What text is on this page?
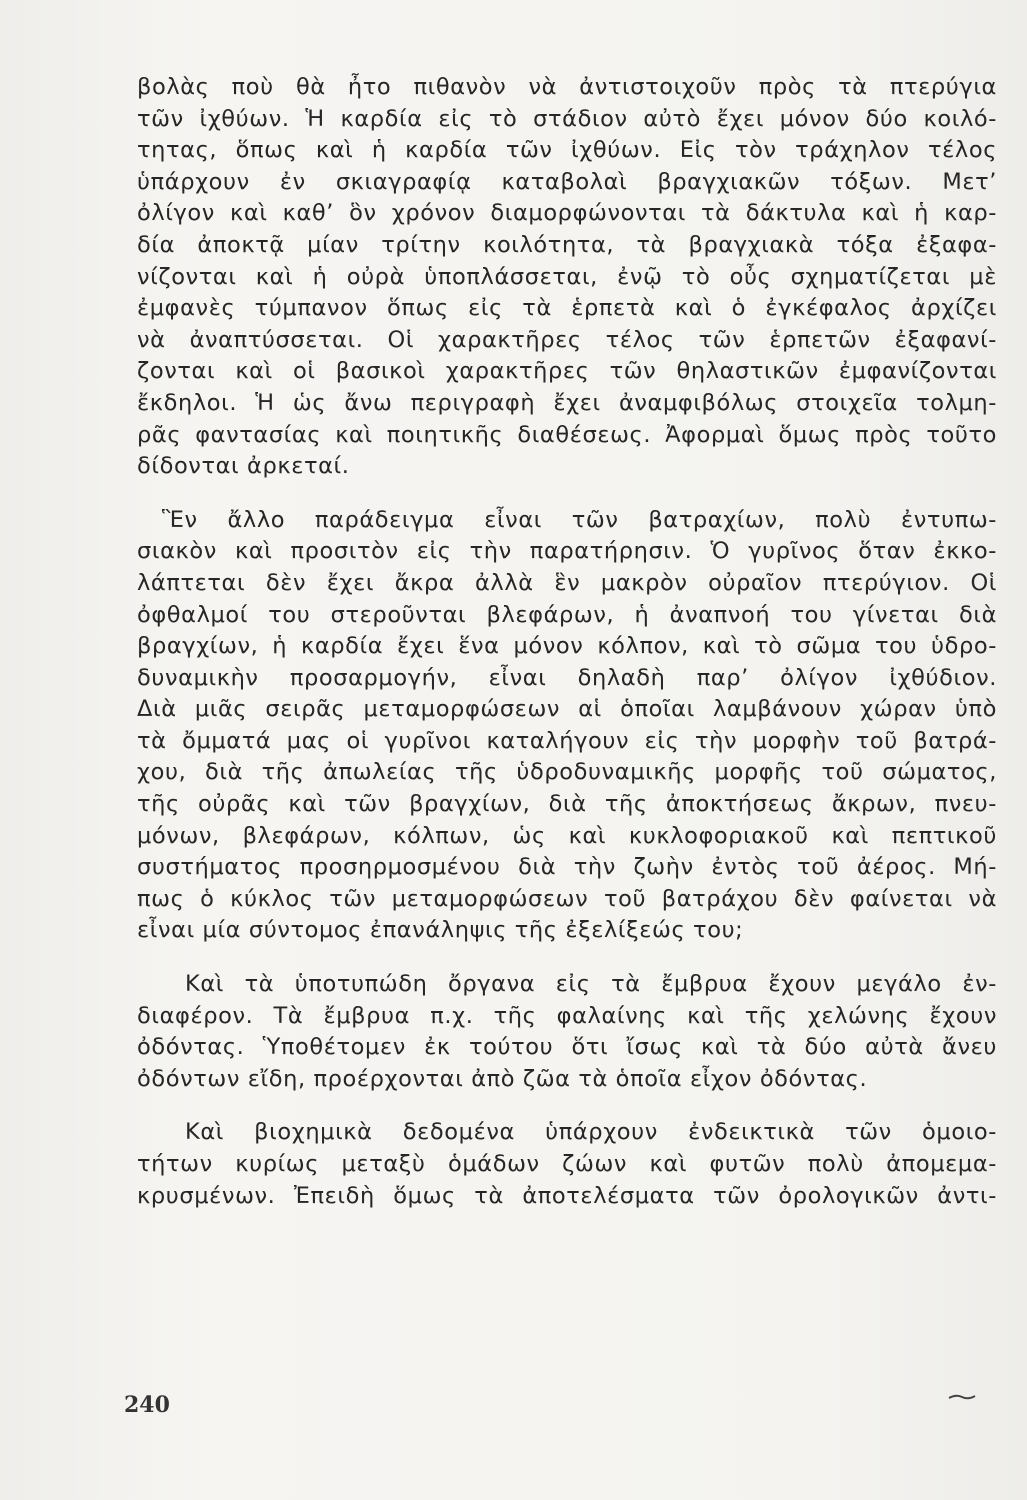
βολὰς ποὺ θὰ ἦτο πιθανὸν νὰ ἀντιστοιχοῦν πρὸς τὰ πτερύγια
τῶν ἰχθύων. Ἡ καρδία εἰς τὸ στάδιον αὐτὸ ἔχει μόνον δύο κοιλό-
τητας, ὅπως καὶ ἡ καρδία τῶν ἰχθύων. Εἰς τὸν τράχηλον τέλος
ὑπάρχουν ἐν σκιαγραφίᾳ καταβολαὶ βραγχιακῶν τόξων. Μετ’
ὀλίγον καὶ καθ’ ὃν χρόνον διαμορφώνονται τὰ δάκτυλα καὶ ἡ καρ-
δία ἀποκτᾷ μίαν τρίτην κοιλότητα, τὰ βραγχιακὰ τόξα ἐξαφα-
νίζονται καὶ ἡ οὐρὰ ὑποπλάσσεται, ἐνῷ τὸ οὖς σχηματίζεται μὲ
ἐμφανὲς τύμπανον ὅπως εἰς τὰ ἑρπετὰ καὶ ὁ ἐγκέφαλος ἀρχίζει
νὰ ἀναπτύσσεται. Οἱ χαρακτῆρες τέλος τῶν ἑρπετῶν ἐξαφανί-
ζονται καὶ οἱ βασικοὶ χαρακτῆρες τῶν θηλαστικῶν ἐμφανίζονται
ἔκδηλοι. Ἡ ὡς ἄνω περιγραφὴ ἔχει ἀναμφιβόλως στοιχεῖα τολμη-
ρᾶς φαντασίας καὶ ποιητικῆς διαθέσεως. Ἀφορμαὶ ὅμως πρὸς τοῦτο
δίδονται ἀρκεταί.
Ἓν ἄλλο παράδειγμα εἶναι τῶν βατραχίων, πολὺ ἐντυπω-
σιακὸν καὶ προσιτὸν εἰς τὴν παρατήρησιν. Ὁ γυρῖνος ὅταν ἐκκο-
λάπτεται δὲν ἔχει ἄκρα ἀλλὰ ἓν μακρὸν οὐραῖον πτερύγιον. Οἱ
ὀφθαλμοί του στεροῦνται βλεφάρων, ἡ ἀναπνοή του γίνεται διὰ
βραγχίων, ἡ καρδία ἔχει ἕνα μόνον κόλπον, καὶ τὸ σῶμα του ὑδρο-
δυναμικὴν προσαρμογήν, εἶναι δηλαδὴ παρ’ ὀλίγον ἰχθύδιον.
Διὰ μιᾶς σειρᾶς μεταμορφώσεων αἱ ὁποῖαι λαμβάνουν χώραν ὑπὸ
τὰ ὄμματά μας οἱ γυρῖνοι καταλήγουν εἰς τὴν μορφὴν τοῦ βατρά-
χου, διὰ τῆς ἀπωλείας τῆς ὑδροδυναμικῆς μορφῆς τοῦ σώματος,
τῆς οὐρᾶς καὶ τῶν βραγχίων, διὰ τῆς ἀποκτήσεως ἄκρων, πνευ-
μόνων, βλεφάρων, κόλπων, ὡς καὶ κυκλοφοριακοῦ καὶ πεπτικοῦ
συστήματος προσηρμοσμένου διὰ τὴν ζωὴν ἐντὸς τοῦ ἀέρος. Μή-
πως ὁ κύκλος τῶν μεταμορφώσεων τοῦ βατράχου δὲν φαίνεται νὰ
εἶναι μία σύντομος ἐπανάληψις τῆς ἐξελίξεώς του;
Καὶ τὰ ὑποτυπώδη ὄργανα εἰς τὰ ἔμβρυα ἔχουν μεγάλο ἐν-
διαφέρον. Τὰ ἔμβρυα π.χ. τῆς φαλαίνης καὶ τῆς χελώνης ἔχουν
ὀδόντας. Ὑποθέτομεν ἐκ τούτου ὅτι ἴσως καὶ τὰ δύο αὐτὰ ἄνευ
ὀδόντων εἴδη, προέρχονται ἀπὸ ζῶα τὰ ὁποῖα εἶχον ὀδόντας.
Καὶ βιοχημικὰ δεδομένα ὑπάρχουν ἐνδεικτικὰ τῶν ὁμοιο-
τήτων κυρίως μεταξὺ ὁμάδων ζώων καὶ φυτῶν πολὺ ἀπομεμα-
κρυσμένων. Ἐπειδὴ ὅμως τὰ ἀποτελέσματα τῶν ὀρολογικῶν ἀντι-
240
